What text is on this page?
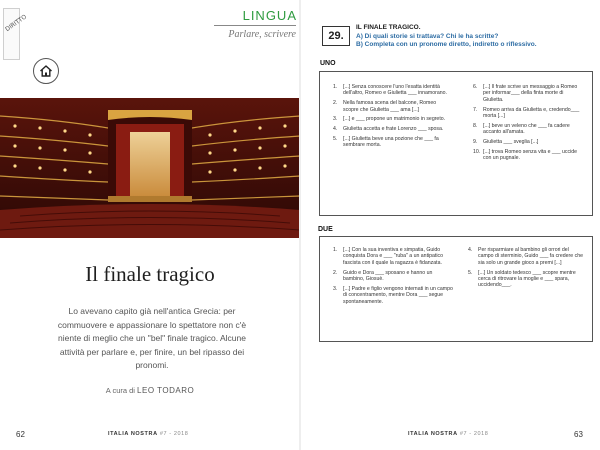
DIRITTO	LINGUA
Parlare, scrivere
Il finale tragico
Lo avevano capito già nell'antica Grecia: per commuovere e appassionare lo spettatore non c'è niente di meglio che un "bel" finale tragico. Alcune attività per parlare e, per finire, un bel ripasso dei pronomi.
A cura di LEO TODARO
62	ITALIA NOSTRA #7 - 2018
29.
IL FINALE TRAGICO.
A) Di quali storie si trattava? Chi le ha scritte?
B) Completa con un pronome diretto, indiretto o riflessivo.
UNO
1. [...] Senza conoscere l'uno l'esatta identità dell'altro, Romeo e Giulietta ___ innamorano.
2. Nella famosa scena del balcone, Romeo scopre che Giulietta ___ ama [...]
3. [...] e ___ propone un matrimonio in segreto.
4. Giulietta accetta e frate Lorenzo ___ sposa.
5. [...] Giulietta beve una pozione che ___ fa sembrare morta.
6. [...] Il frate scrive un messaggio a Romeo per informar___ della finta morte di Giulietta.
7. Romeo arriva da Giulietta e, credendo___ morta [...]
8. [...] beve un veleno che ___ fa cadere accanto all'amata.
9. Giulietta ___ sveglia [...]
10. [...] trova Romeo senza vita e ___ uccide con un pugnale.
DUE
1. [...] Con la sua inventiva e simpatia, Guido conquista Dora e ___ "ruba" a un antipatico fascista con il quale la ragazza è fidanzata.
2. Guido e Dora ___ sposano e hanno un bambino, Giosuè.
3. [...] Padre e figlio vengono internati in un campo di concentramento, mentre Dora ___ segue spontaneamente.
4. Per risparmiare al bambino gli orrori del campo di sterminio, Guido ___ fa credere che sia solo un grande gioco a premi [...]
5. [...] Un soldato tedesco ___ scopre mentre cerca di ritrovare la moglie e ___ spara, uccidendo___.
ITALIA NOSTRA #7 - 2018	63
